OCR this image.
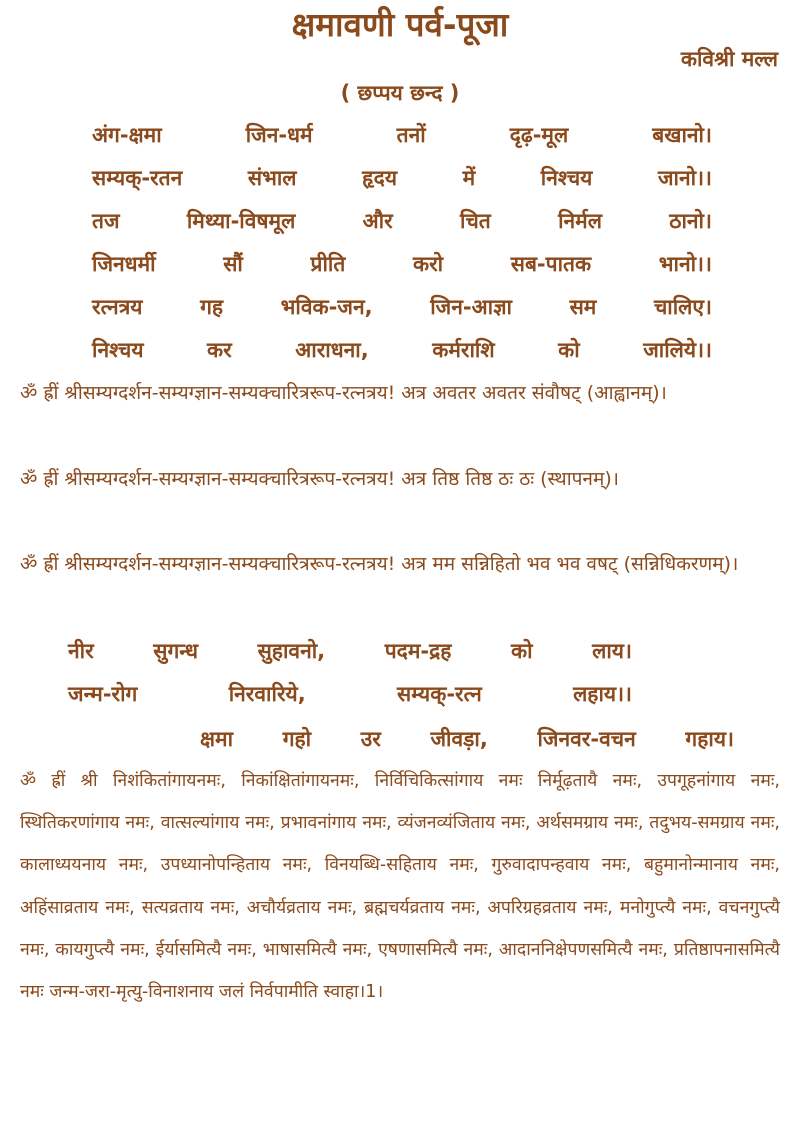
क्षमावणी पर्व-पूजा
कविश्री मल्ल
( छप्पय छन्द )
अंग-क्षमा	जिन-धर्म	तनों	दृढ़-मूल	बखानो।
सम्यक्-रतन	संभाल	हृदय	में	निश्चय	जानो।।
तज	मिथ्या-विषमूल	और	चित	निर्मल	ठानो।
जिनधर्मी	सौं	प्रीति	करो	सब-पातक	भानो।।
रत्नत्रय	गह	भविक-जन,	जिन-आज्ञा	सम	चालिए।
निश्चय	कर	आराधना,	कर्मराशि	को	जालिये।।
ॐ ह्रीं श्रीसम्यग्दर्शन-सम्यग्ज्ञान-सम्यक्चारित्ररूप-रत्नत्रय! अत्र अवतर अवतर संवौषट् (आह्वानम्)।
ॐ ह्रीं श्रीसम्यग्दर्शन-सम्यग्ज्ञान-सम्यक्चारित्ररूप-रत्नत्रय! अत्र तिष्ठ तिष्ठ ठः ठः (स्थापनम्)।
ॐ ह्रीं श्रीसम्यग्दर्शन-सम्यग्ज्ञान-सम्यक्चारित्ररूप-रत्नत्रय! अत्र मम सन्निहितो भव भव वषट् (सन्निधिकरणम्)।
नीर	सुगन्ध	सुहावनो,	पदम-द्रह	को	लाय।
जन्म-रोग	निरवारिये,	सम्यक्-रत्न	लहाय।।
क्षमा गहो उर जीवड़ा, जिनवर-वचन गहाय।
ॐ ह्रीं श्री निशंकितांगायनमः, निकांक्षितांगायनमः, निर्विचिकित्सांगाय नमः निर्मूढ़तायै नमः, उपगूहनांगाय नमः, स्थितिकरणांगाय नमः, वात्सल्यांगाय नमः, प्रभावनांगाय नमः, व्यंजनव्यंजिताय नमः, अर्थसमग्राय नमः, तदुभय-समग्राय नमः, कालाध्ययनाय नमः, उपध्यानोपन्हिताय नमः, विनयब्धि-सहिताय नमः, गुरुवादापन्हवाय नमः, बहुमानोन्मानाय नमः, अहिंसाव्रताय नमः, सत्यव्रताय नमः, अचौर्यव्रताय नमः, ब्रह्मचर्यव्रताय नमः, अपरिग्रहव्रताय नमः, मनोगुप्त्यै नमः, वचनगुप्त्यै नमः, कायगुप्त्यै नमः, ईर्यासमित्यै नमः, भाषासमित्यै नमः, एषणासमित्यै नमः, आदाननिक्षेपणसमित्यै नमः, प्रतिष्ठापनासमित्यै नमः जन्म-जरा-मृत्यु-विनाशनाय जलं निर्वपामीति स्वाहा।1।
